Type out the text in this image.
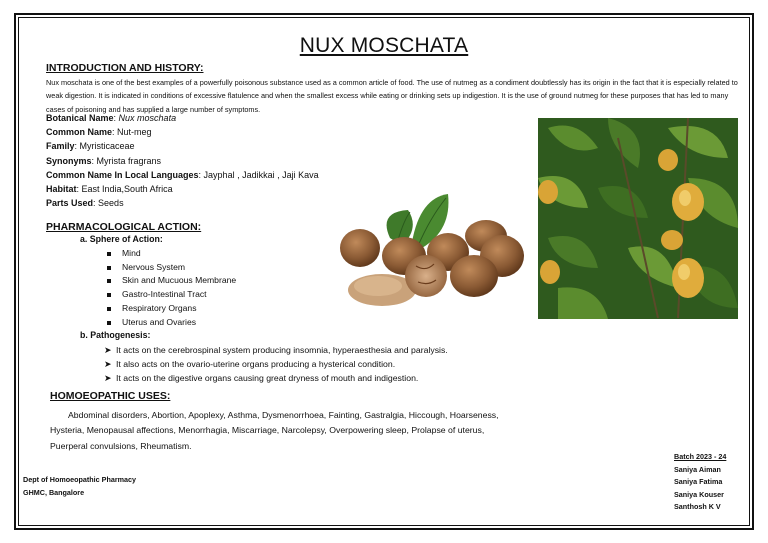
NUX MOSCHATA
INTRODUCTION AND HISTORY:

Nux moschata is one of the best examples of a powerfully poisonous substance used as a common article of food. The use of nutmeg as a condiment doubtlessly has its origin in the fact that it is especially related to weak digestion. It is indicated in conditions of excessive flatulence and when the smallest excess while eating or drinking sets up indigestion. It is the use of ground nutmeg for these purposes that has led to many cases of poisoning and has supplied a large number of symptoms.

Botanical Name: Nux moschata
Common Name: Nut-meg
Family: Myristicaceae
Synonyms: Myrista fragrans
Common Name In Local Languages: Jayphal , Jadikkai , Jaji Kava
Habitat: East India,South Africa
Parts Used: Seeds
PHARMACOLOGICAL ACTION:
a. Sphere of Action:
Mind
Nervous System
Skin and Mucuous Membrane
Gastro-Intestinal Tract
Respiratory Organs
Uterus and Ovaries
b. Pathogenesis:
➤ It acts on the cerebrospinal system producing insomnia, hyperaesthesia and paralysis.
➤ It also acts on the ovario-uterine organs producing a hysterical condition.
➤ It acts on the digestive organs causing great dryness of mouth and indigestion.
HOMOEOPATHIC USES:

Abdominal disorders, Abortion, Apoplexy, Asthma, Dysmenorrhoea, Fainting, Gastralgia, Hiccough, Hoarseness, Hysteria, Menopausal affections, Menorrhagia, Miscarriage, Narcolepsy, Overpowering sleep, Prolapse of uterus, Puerperal convulsions, Rheumatism.

Dept of Homoeopathic Pharmacy
GHMC, Bangalore
Batch 2023 - 24
Saniya Aiman
Saniya Fatima
Saniya Kouser
Santhosh K V
